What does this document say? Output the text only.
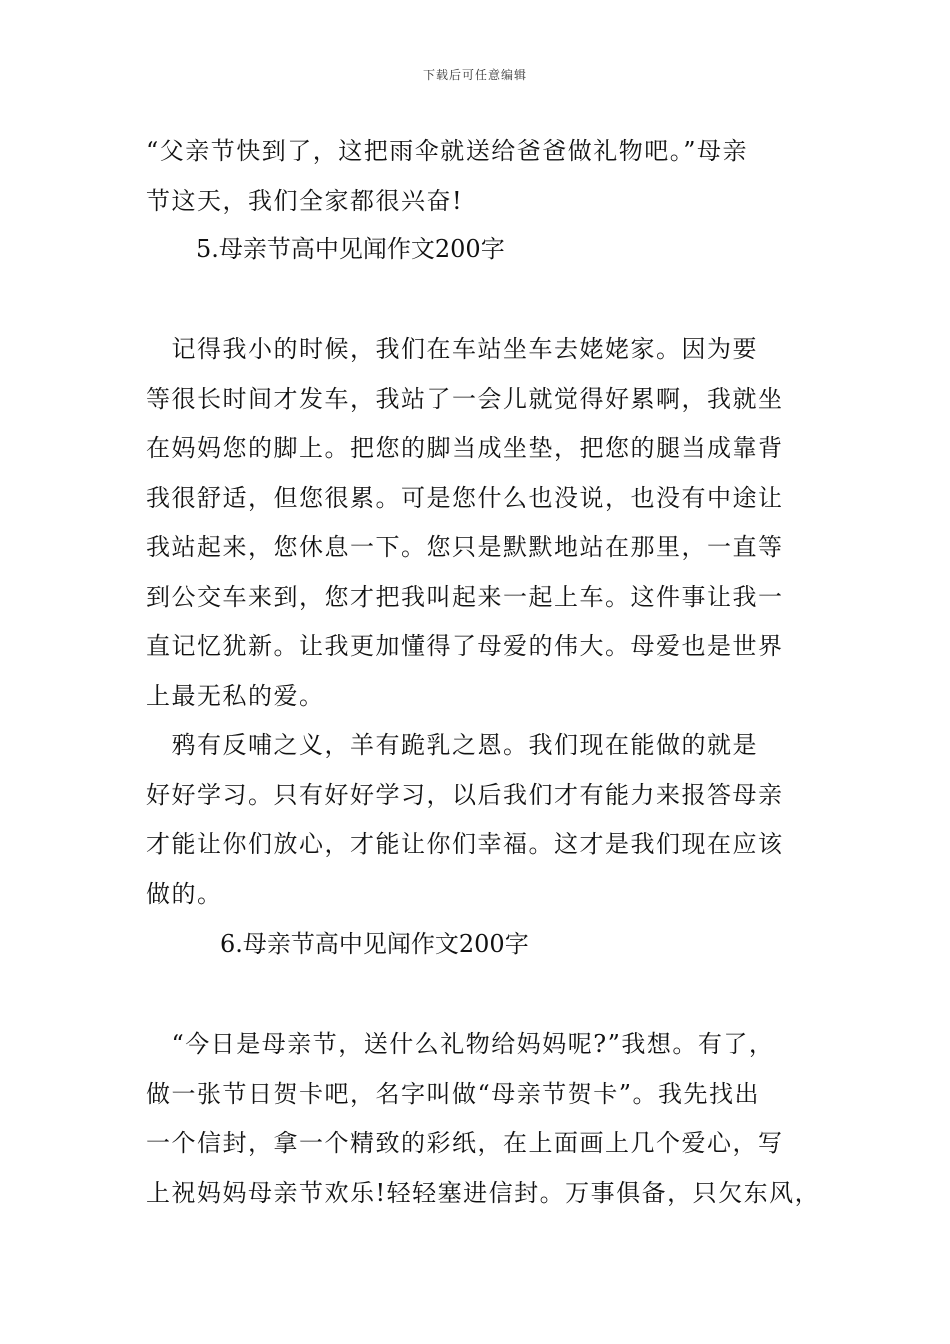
下载后可任意编辑

“父亲节快到了，这把雨伞就送给爸爸做礼物吧。”母亲
节这天，我们全家都很兴奋!

5.母亲节高中见闻作文200字

　记得我小的时候，我们在车站坐车去姥姥家。因为要
等很长时间才发车，我站了一会儿就觉得好累啊，我就坐
在妈妈您的脚上。把您的脚当成坐垫，把您的腿当成靠背
我很舒适，但您很累。可是您什么也没说，也没有中途让
我站起来，您休息一下。您只是默默地站在那里，一直等
到公交车来到，您才把我叫起来一起上车。这件事让我一
直记忆犹新。让我更加懂得了母爱的伟大。母爱也是世界
上最无私的爱。

　鸦有反哺之义，羊有跪乳之恩。我们现在能做的就是
好好学习。只有好好学习，以后我们才有能力来报答母亲
才能让你们放心，才能让你们幸福。这才是我们现在应该
做的。

6.母亲节高中见闻作文200字

　“今日是母亲节，送什么礼物给妈妈呢?”我想。有了，
做一张节日贺卡吧，名字叫做“母亲节贺卡”。我先找出
一个信封，拿一个精致的彩纸，在上面画上几个爱心，写
上祝妈妈母亲节欢乐!轻轻塞进信封。万事俱备，只欠东风，
